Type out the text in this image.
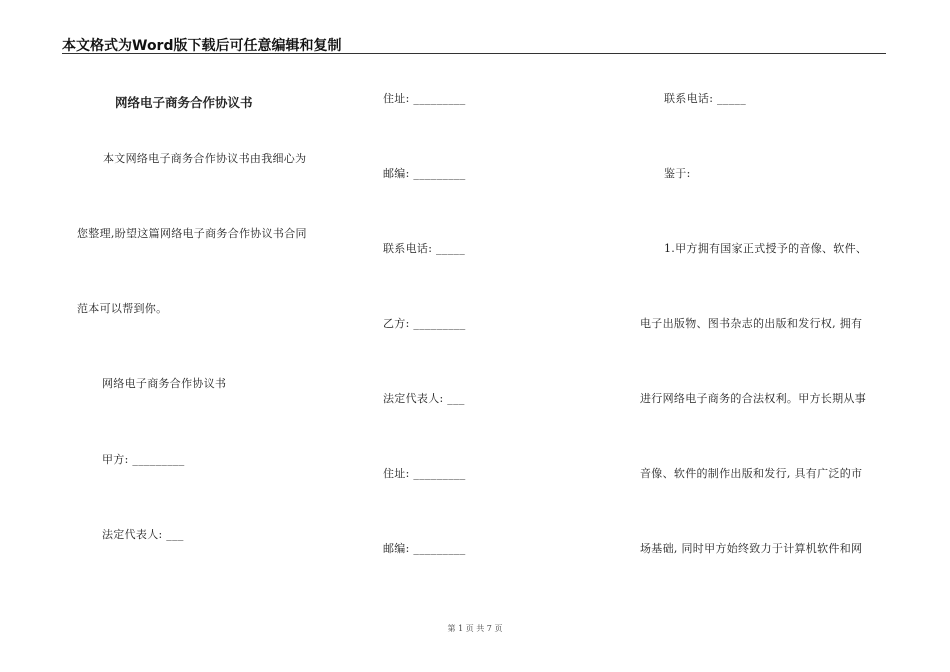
本文格式为Word版下载后可任意编辑和复制
网络电子商务合作协议书
本文网络电子商务合作协议书由我细心为
您整理,盼望这篇网络电子商务合作协议书合同
范本可以帮到你。
网络电子商务合作协议书
甲方: _________
法定代表人: ___
住址: _________
邮编: _________
联系电话: _____
乙方: _________
法定代表人: ___
住址: _________
邮编: _________
联系电话: _____
鉴于:
1.甲方拥有国家正式授予的音像、软件、
电子出版物、图书杂志的出版和发行权, 拥有
进行网络电子商务的合法权利。甲方长期从事
音像、软件的制作出版和发行, 具有广泛的市
场基础, 同时甲方始终致力于计算机软件和网
第 1 页 共 7 页
